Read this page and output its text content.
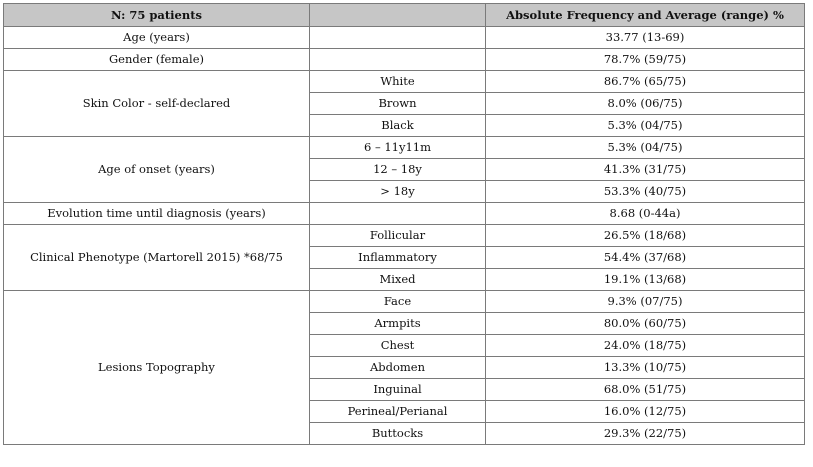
N: 75 patients		Absolute Frequency and Average (range) %
Age (years)		33.77 (13-69)
Gender (female)		78.7% (59/75)
Skin Color - self-declared	White	86.7% (65/75)
	Brown	8.0% (06/75)
	Black	5.3% (04/75)
Age of onset (years)	6 – 11y11m	5.3% (04/75)
	12 – 18y	41.3% (31/75)
	> 18y	53.3% (40/75)
Evolution time until diagnosis (years)		8.68 (0-44a)
Clinical Phenotype (Martorell 2015) *68/75	Follicular	26.5% (18/68)
	Inflammatory	54.4% (37/68)
	Mixed	19.1% (13/68)
Lesions Topography	Face	9.3% (07/75)
	Armpits	80.0% (60/75)
	Chest	24.0% (18/75)
	Abdomen	13.3% (10/75)
	Inguinal	68.0% (51/75)
	Perineal/Perianal	16.0% (12/75)
	Buttocks	29.3% (22/75)
